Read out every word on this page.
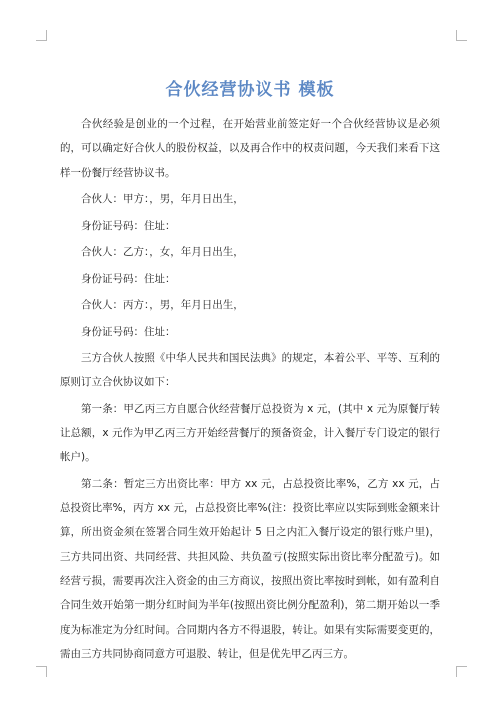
合伙经营协议书 模板

合伙经验是创业的一个过程，在开始营业前签定好一个合伙经营协议是必须的，可以确定好合伙人的股份权益，以及再合作中的权责问题，今天我们来看下这样一份餐厅经营协议书。

合伙人：甲方：，男，年月日出生，

身份证号码：住址：

合伙人：乙方：，女，年月日出生，

身份证号码：住址：

合伙人：丙方：，男，年月日出生，

身份证号码：住址：

三方合伙人按照《中华人民共和国民法典》的规定，本着公平、平等、互利的原则订立合伙协议如下：

第一条：甲乙丙三方自愿合伙经营餐厅总投资为 x 元，(其中 x 元为原餐厅转让总额，x 元作为甲乙丙三方开始经营餐厅的预备资金，计入餐厅专门设定的银行帐户)。

第二条：暂定三方出资比率：甲方 xx 元，占总投资比率%，乙方 xx 元，占总投资比率%，丙方 xx 元，占总投资比率%(注：投资比率应以实际到账金额来计算，所出资金须在签署合同生效开始起计 5 日之内汇入餐厅设定的银行账户里)，三方共同出资、共同经营、共担风险、共负盈亏(按照实际出资比率分配盈亏)。如经营亏损，需要再次注入资金的由三方商议，按照出资比率按时到帐，如有盈利自合同生效开始第一期分红时间为半年(按照出资比例分配盈利)，第二期开始以一季度为标准定为分红时间。合同期内各方不得退股，转让。如果有实际需要变更的，需由三方共同协商同意方可退股、转让，但是优先甲乙丙三方。
